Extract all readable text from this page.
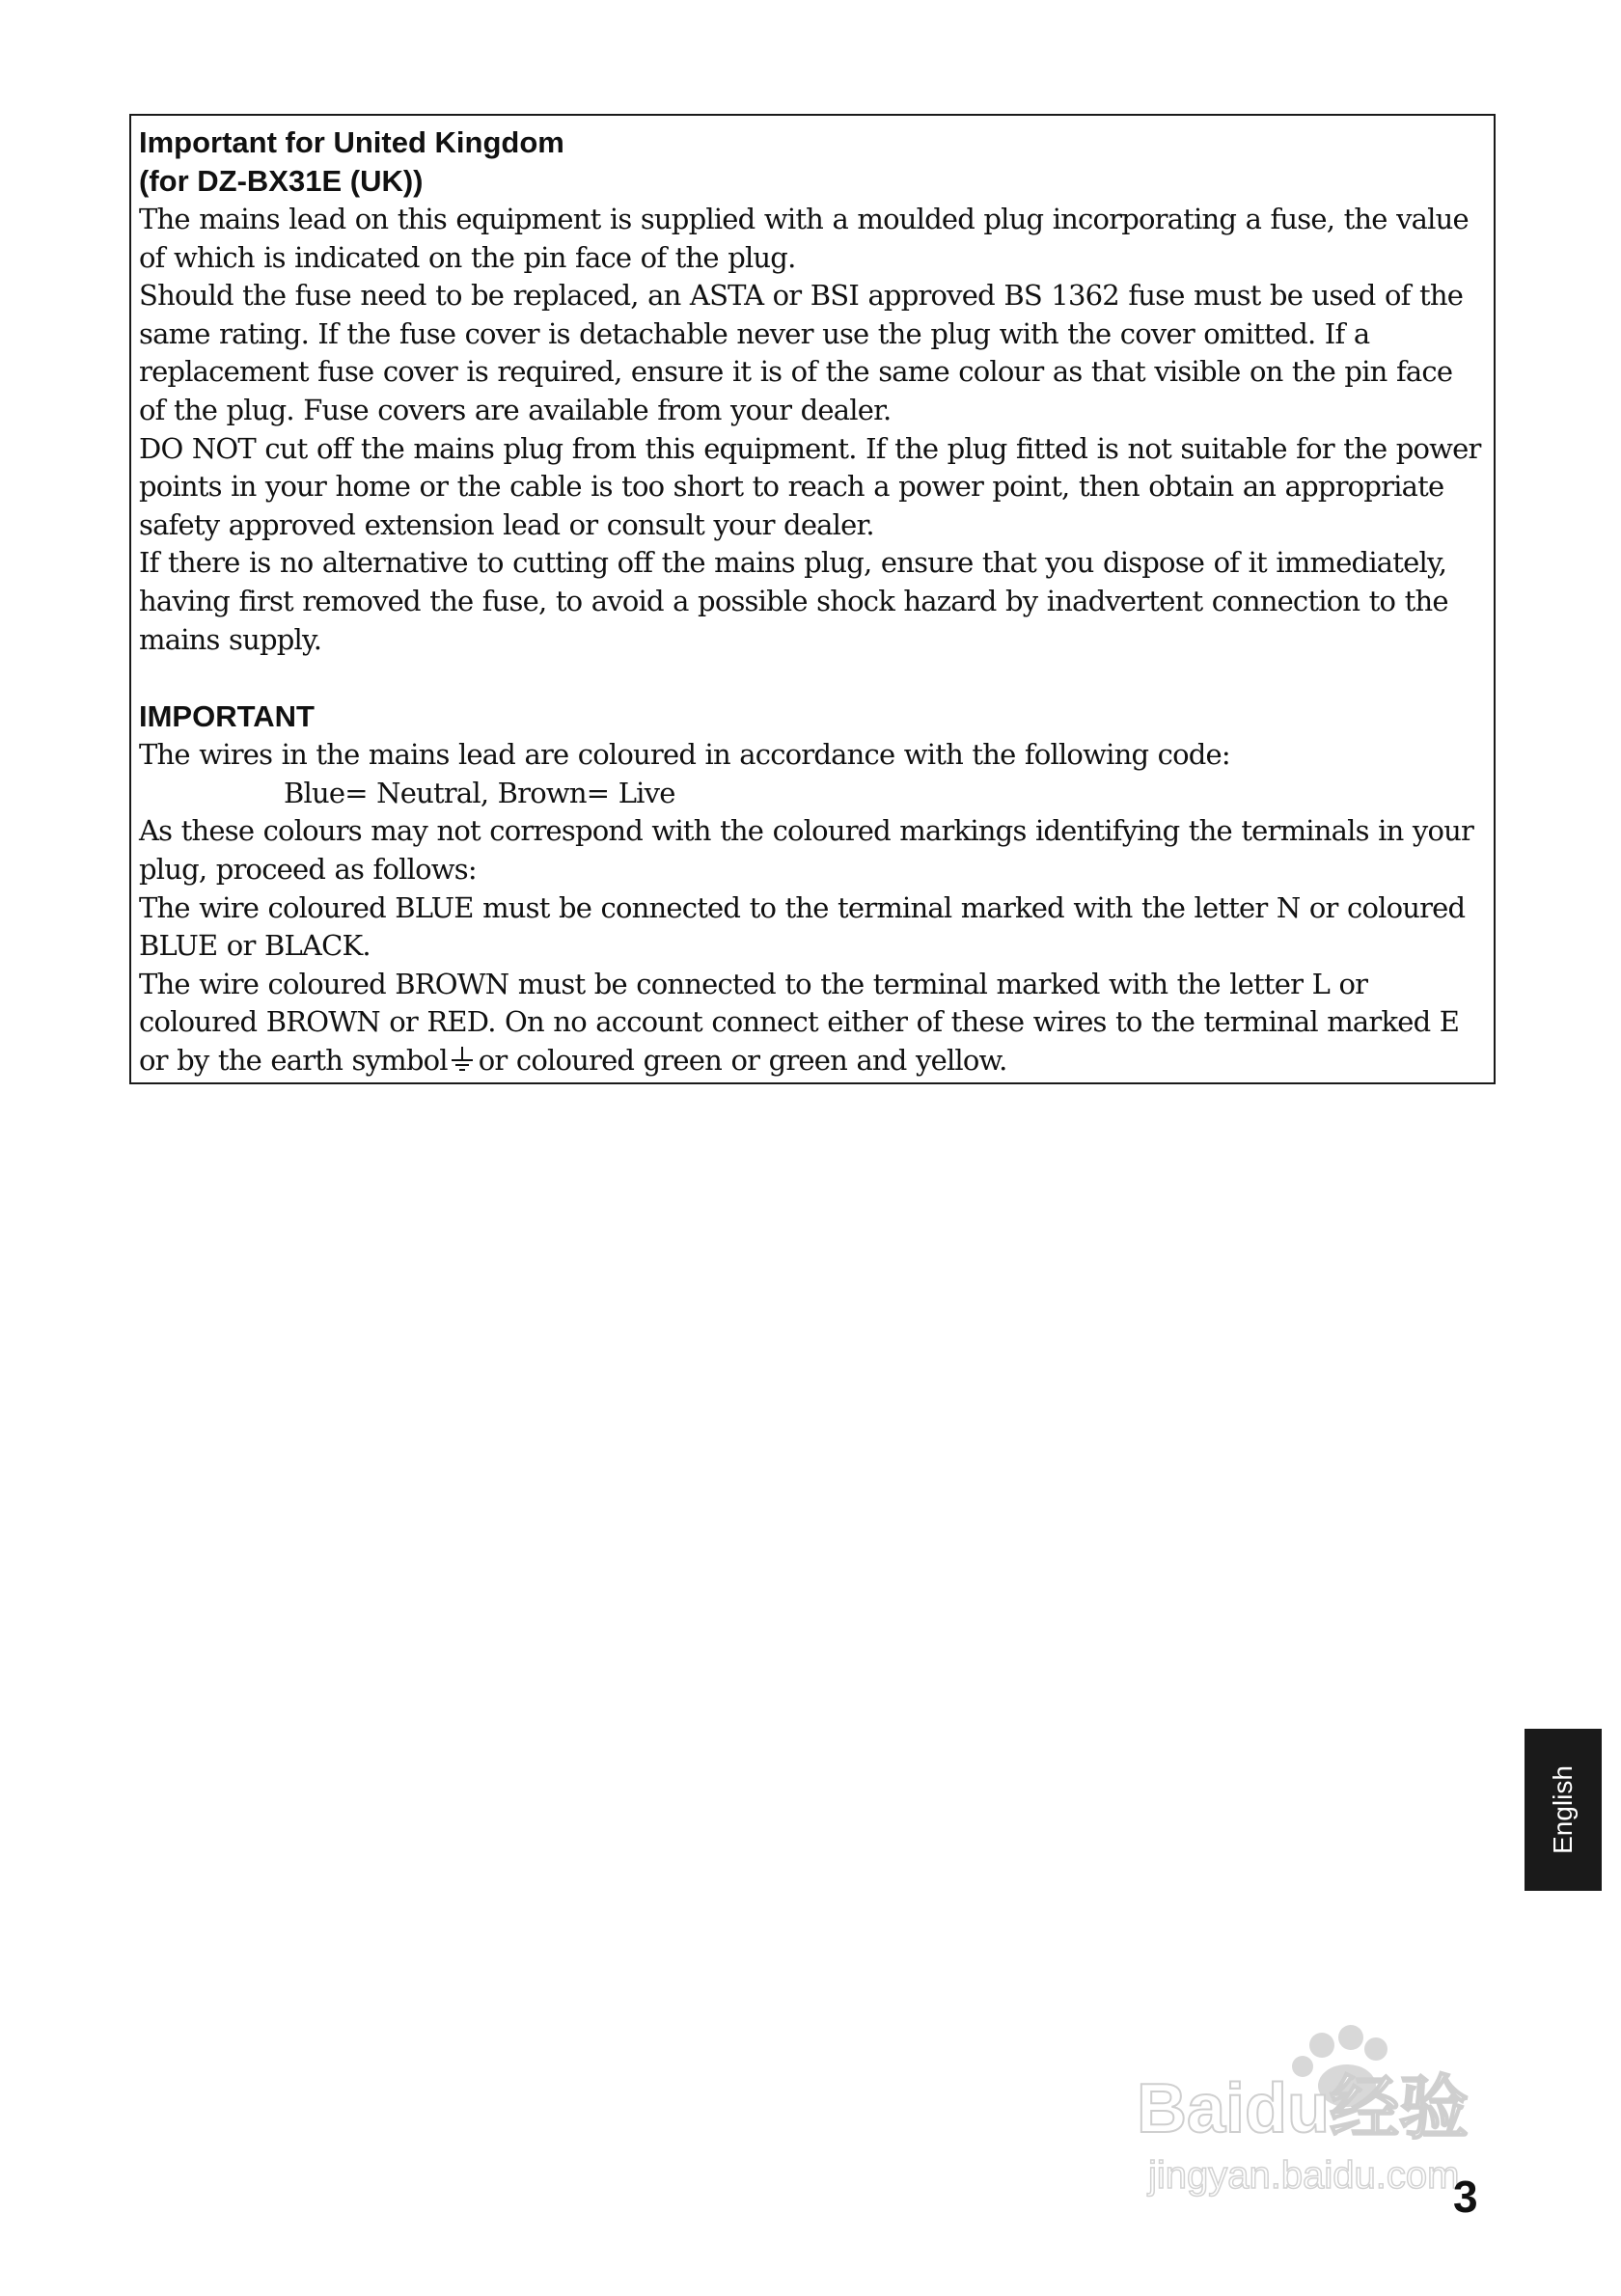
Important for United Kingdom

(for DZ-BX31E (UK))

The mains lead on this equipment is supplied with a moulded plug incorporating a fuse, the value of which is indicated on the pin face of the plug.

Should the fuse need to be replaced, an ASTA or BSI approved BS 1362 fuse must be used of the same rating. If the fuse cover is detachable never use the plug with the cover omitted. If a replacement fuse cover is required, ensure it is of the same colour as that visible on the pin face of the plug. Fuse covers are available from your dealer.

DO NOT cut off the mains plug from this equipment. If the plug fitted is not suitable for the power points in your home or the cable is too short to reach a power point, then obtain an appropriate safety approved extension lead or consult your dealer.

If there is no alternative to cutting off the mains plug, ensure that you dispose of it immediately, having first removed the fuse, to avoid a possible shock hazard by inadvertent connection to the mains supply.

IMPORTANT

The wires in the mains lead are coloured in accordance with the following code:

Blue= Neutral, Brown= Live

As these colours may not correspond with the coloured markings identifying the terminals in your plug, proceed as follows:

The wire coloured BLUE must be connected to the terminal marked with the letter N or coloured BLUE or BLACK.

The wire coloured BROWN must be connected to the terminal marked with the letter L or coloured BROWN or RED. On no account connect either of these wires to the terminal marked E or by the earth symbol or coloured green or green and yellow.

English
Baidu经验
jingyan.baidu.com
3
